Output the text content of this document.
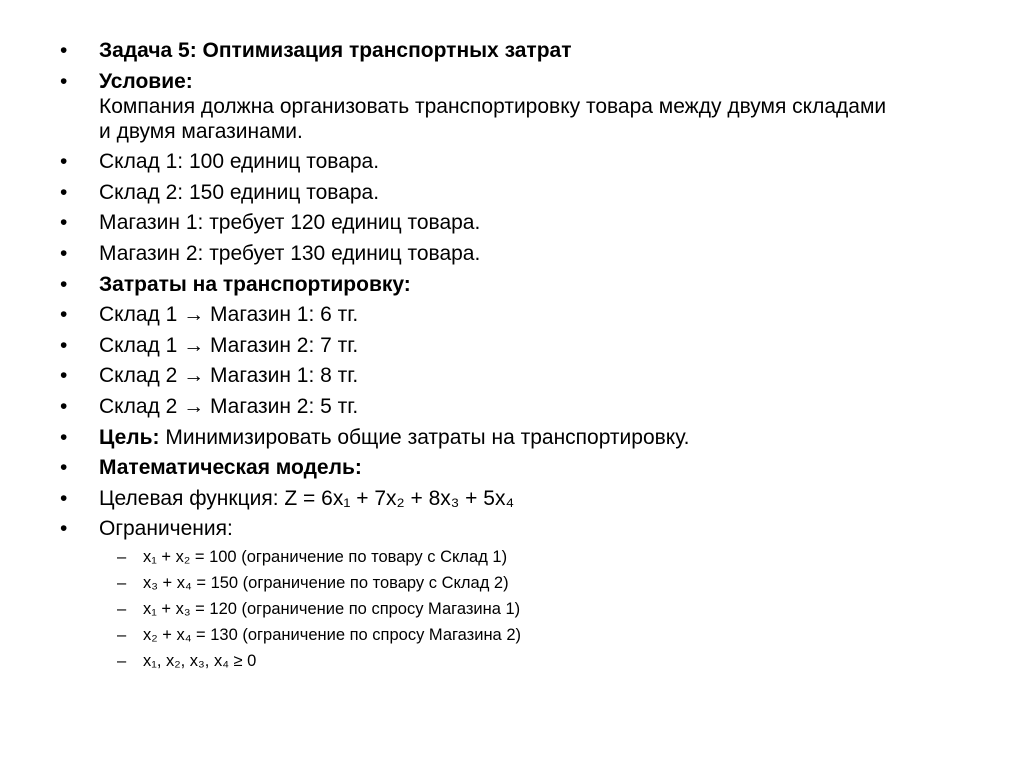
•	Задача 5: Оптимизация транспортных затрат
•	Условие:
Компания должна организовать транспортировку товара между двумя складами и двумя магазинами.
•	Склад 1: 100 единиц товара.
•	Склад 2: 150 единиц товара.
•	Магазин 1: требует 120 единиц товара.
•	Магазин 2: требует 130 единиц товара.
•	Затраты на транспортировку:
•	Склад 1 → Магазин 1: 6 тг.
•	Склад 1 → Магазин 2: 7 тг.
•	Склад 2 → Магазин 1: 8 тг.
•	Склад 2 → Магазин 2: 5 тг.
•	Цель: Минимизировать общие затраты на транспортировку.
•	Математическая модель:
•	Целевая функция: Z = 6x₁ + 7x₂ + 8x₃ + 5x₄
•	Ограничения:
– x₁ + x₂ = 100 (ограничение по товару с Склад 1)
– x₃ + x₄ = 150 (ограничение по товару с Склад 2)
– x₁ + x₃ = 120 (ограничение по спросу Магазина 1)
– x₂ + x₄ = 130 (ограничение по спросу Магазина 2)
– x₁, x₂, x₃, x₄ ≥ 0
